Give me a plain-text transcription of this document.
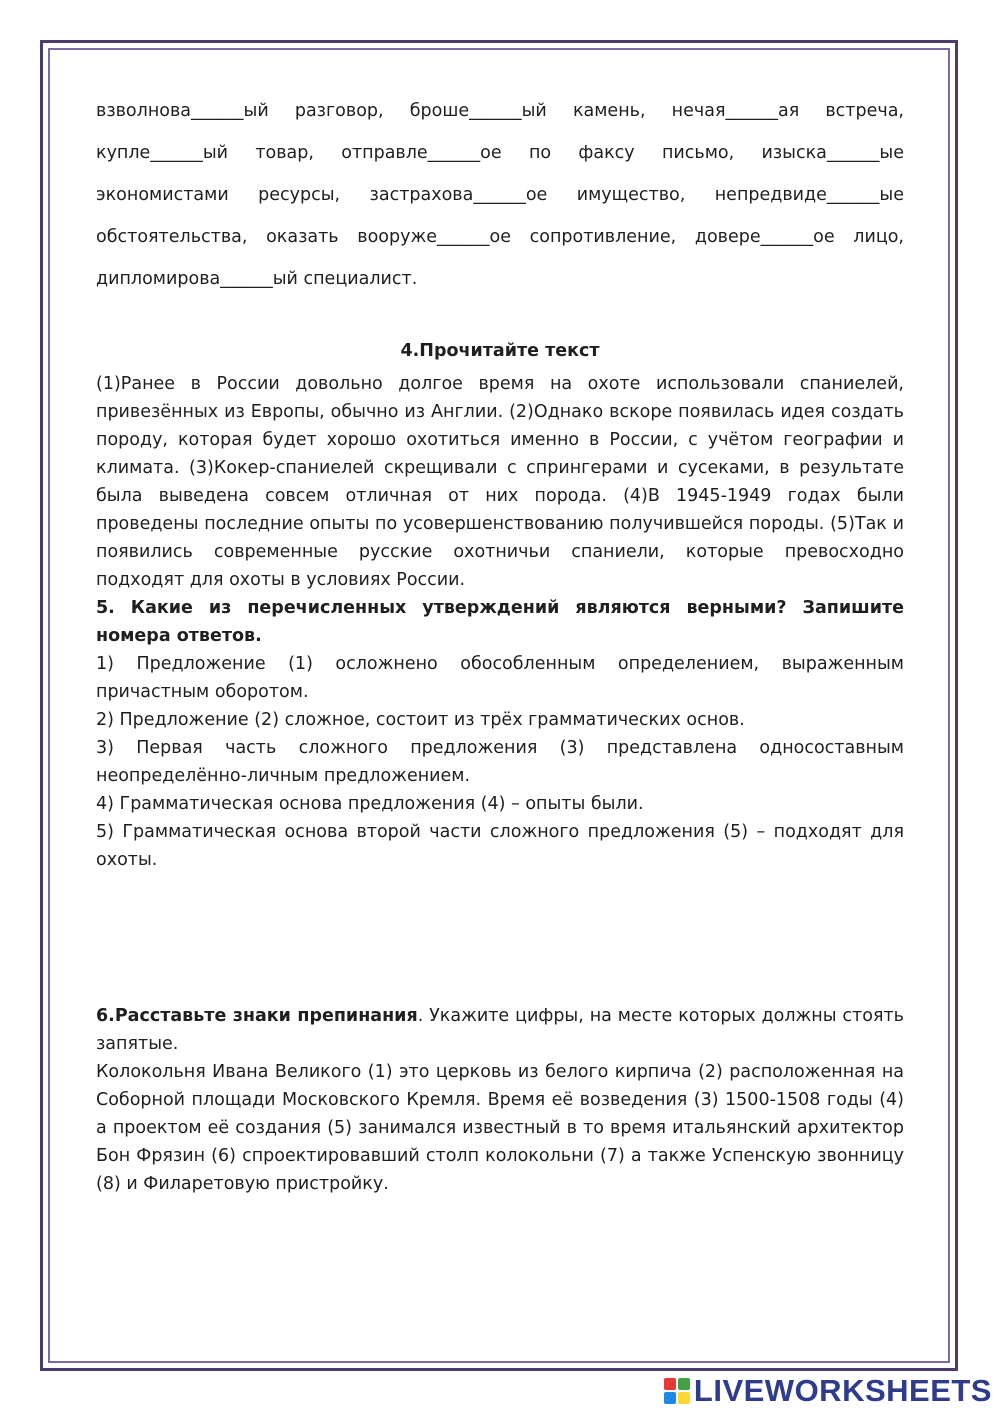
взволнова______ый разговор, броше______ый камень, нечая______ая встреча,

купле______ый товар, отправле______ое по факсу письмо, изыска______ые

экономистами ресурсы, застрахова______ое имущество, непредвиде______ые

обстоятельства, оказать вооруже______ое сопротивление, довере______ое лицо,

дипломирова______ый специалист.

4.Прочитайте текст

(1)Ранее в России довольно долгое время на охоте использовали спаниелей, привезённых из Европы, обычно из Англии. (2)Однако вскоре появилась идея создать породу, которая будет хорошо охотиться именно в России, с учётом географии и климата. (3)Кокер-спаниелей скрещивали с спрингерами и сусеками, в результате была выведена совсем отличная от них порода. (4)В 1945-1949 годах были проведены последние опыты по усовершенствованию получившейся породы. (5)Так и появились современные русские охотничьи спаниели, которые превосходно подходят для охоты в условиях России.

5. Какие из перечисленных утверждений являются верными? Запишите номера ответов.

1) Предложение (1) осложнено обособленным определением, выраженным причастным оборотом.

2) Предложение (2) сложное, состоит из трёх грамматических основ.

3) Первая часть сложного предложения (3) представлена односоставным неопределённо-личным предложением.

4) Грамматическая основа предложения (4) – опыты были.

5) Грамматическая основа второй части сложного предложения (5) – подходят для охоты.

6.Расставьте знаки препинания. Укажите цифры, на месте которых должны стоять запятые.

Колокольня Ивана Великого (1) это церковь из белого кирпича (2) расположенная на Соборной площади Московского Кремля. Время её возведения (3) 1500-1508 годы (4) а проектом её создания (5) занимался известный в то время итальянский архитектор Бон Фрязин (6) спроектировавший столп колокольни (7) а также Успенскую звонницу (8) и Филаретовую пристройку.

LIVEWORKSHEETS
